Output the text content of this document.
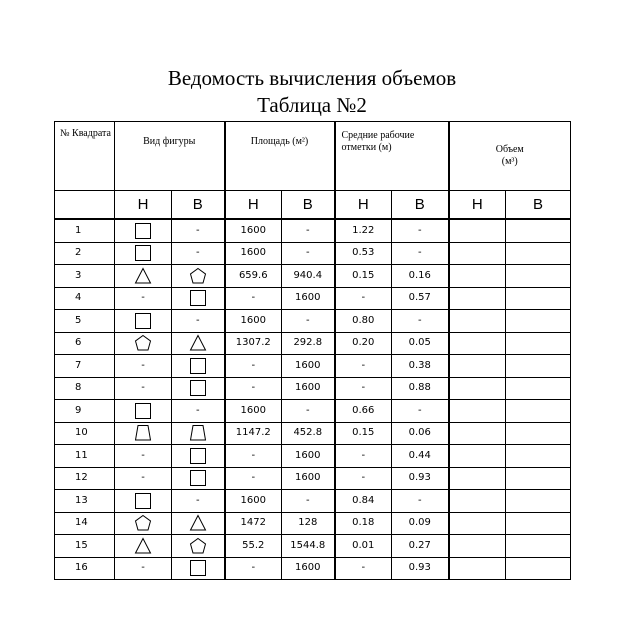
Ведомость вычисления объемов
Таблица №2
№ Квадрата	Вид фигуры		Площадь (м²)		Средние рабочие отметки (м)		Объем (м³)	
	Н	В	Н	В	Н	В	Н	В
1		-	1600	-	1.22	-		
2		-	1600	-	0.53	-		
3			659.6	940.4	0.15	0.16		
4	-		-	1600	-	0.57		
5		-	1600	-	0.80	-		
6			1307.2	292.8	0.20	0.05		
7	-		-	1600	-	0.38		
8	-		-	1600	-	0.88		
9		-	1600	-	0.66	-		
10			1147.2	452.8	0.15	0.06		
11	-		-	1600	-	0.44		
12	-		-	1600	-	0.93		
13		-	1600	-	0.84	-		
14			1472	128	0.18	0.09		
15			55.2	1544.8	0.01	0.27		
16	-		-	1600	-	0.93		
